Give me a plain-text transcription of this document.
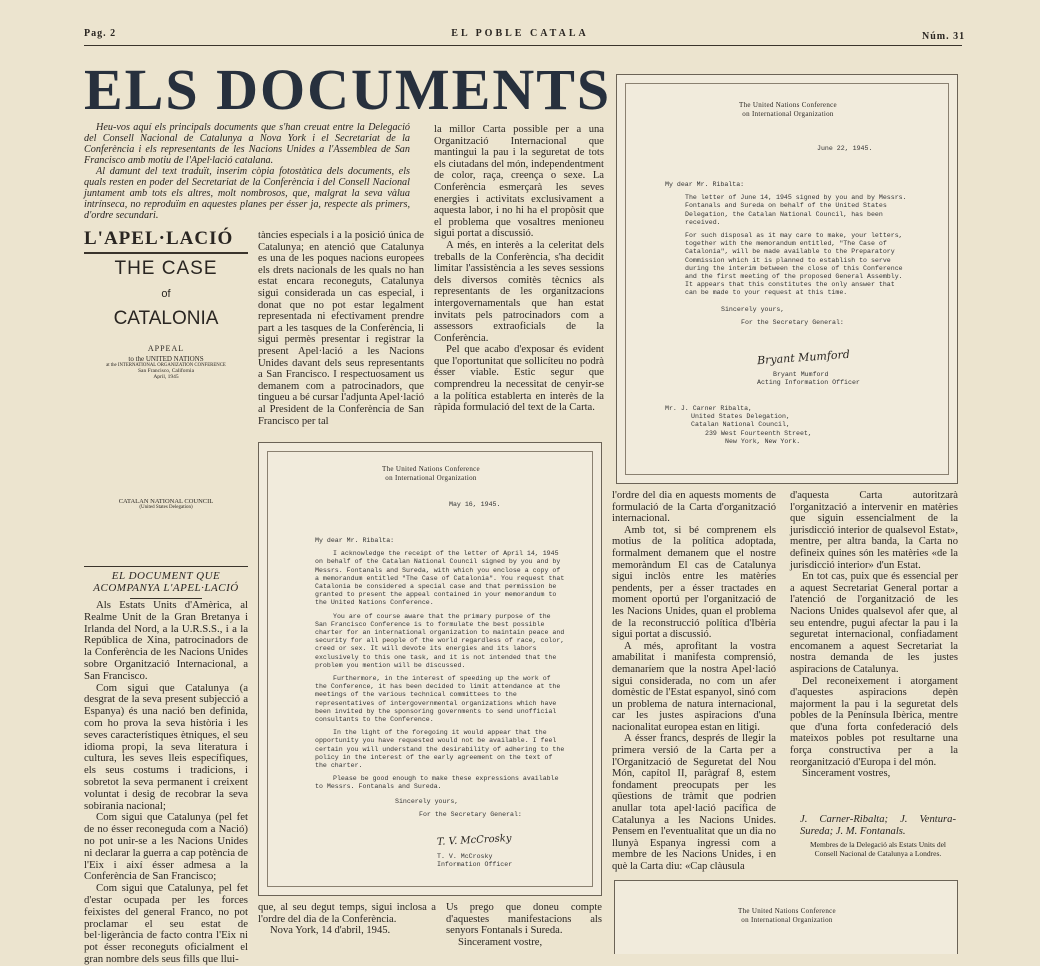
Pag. 2	EL POBLE CATALA	Núm. 31
ELS DOCUMENTS

Heu-vos aquí els principals documents que s'han creuat entre la Delegació del Consell Nacional de Catalunya a Nova York i el Secretariat de la Conferència i els representants de les Nacions Unides a l'Assemblea de San Francisco amb motiu de l'Apel·lació catalana.

Al damunt del text traduït, inserim còpia fotostàtica dels documents, els quals resten en poder del Secretariat de la Conferència i del Consell Nacional juntament amb tots els altres, molt nombrosos, que, malgrat la seva vàlua intrínseca, no reproduïm en aquestes planes per ésser ja, respecte als primers, d'ordre secundari.

L'APEL·LACIÓ
THE CASE
of
CATALONIA
APPEAL
to the UNITED NATIONS
at the INTERNATIONAL ORGANIZATION CONFERENCE
San Francisco, California
April, 1945
CATALAN NATIONAL COUNCIL
(United States Delegation)
EL DOCUMENT QUE ACOMPANYA L'APEL·LACIÓ

Als Estats Units d'Amèrica, al Realme Unit de la Gran Bretanya i Irlanda del Nord, a la U.R.S.S., i a la República de Xina, patrocinadors de la Conferència de les Nacions Unides sobre Organització Internacional, a San Francisco.

Com sigui que Catalunya (a desgrat de la seva present subjecció a Espanya) és una nació ben definida, com ho prova la seva història i les seves característiques ètniques, el seu idioma propi, la seva literatura i cultura, les seves lleis específiques, els seus costums i tradicions, i sobretot la seva permanent i creixent voluntat i desig de recobrar la seva sobirania nacional;

Com sigui que Catalunya (pel fet de no ésser reconeguda com a Nació) no pot unir-se a les Nacions Unides ni declarar la guerra a cap potència de l'Eix i així ésser admesa a la Conferència de San Francisco;

Com sigui que Catalunya, pel fet d'estar ocupada per les forces feixistes del general Franco, no pot proclamar el seu estat de bel·ligerància de facto contra l'Eix ni pot ésser reconeguts oficialment el gran nombre dels seus fills que llui-

tàncies especials i a la posició única de Catalunya; en atenció que Catalunya es una de les poques nacions europees els drets nacionals de les quals no han estat encara reconeguts, Catalunya sigui considerada un cas especial, i donat que no pot estar legalment representada ni efectivament prendre part a les tasques de la Conferència, li sigui permès presentar i registrar la present Apel·lació a les Nacions Unides davant dels seus representants a San Francisco. I respectuosament us demanem com a patrocinadors, que tingueu a bé cursar l'adjunta Apel·lació al President de la Conferència de San Francisco per tal

la millor Carta possible per a una Organització Internacional que mantingui la pau i la seguretat de tots els ciutadans del món, independentment de color, raça, creença o sexe. La Conferència esmerçarà les seves energies i activitats exclusivament a aquesta labor, i no hi ha el propòsit que el problema que vosaltres menioneu sigui portat a discussió.

A més, en interès a la celeritat dels treballs de la Conferència, s'ha decidit limitar l'assistència a les seves sessions dels diversos comitès tècnics als representants de les organitzacions intergovernamentals que han estat invitats pels patrocinadors com a assessors extraoficials de la Conferència.

Pel que acabo d'exposar és evident que l'oportunitat que sollicíteu no podrà ésser viable. Estic segur que comprendreu la necessitat de cenyir-se a la política establerta en interès de la ràpida formulació del text de la Carta.

The United Nations Conference
on International Organization
June 22, 1945.

My dear Mr. Ribalta:

The letter of June 14, 1945 signed by you and by Messrs. Fontanals and Sureda on behalf of the United States Delegation, the Catalan National Council, has been received.

For such disposal as it may care to make, your letters, together with the memorandum entitled, "The Case of Catalonia", will be made available to the Preparatory Commission which it is planned to establish to serve during the interim between the close of this Conference and the first meeting of the proposed General Assembly. It appears that this constitutes the only answer that can be made to your request at this time.

Sincerely yours,

For the Secretary General:

Bryant Mumford
Bryant Mumford
Acting Information Officer
Mr. J. Carner Ribalta,
United States Delegation,
Catalan National Council,
239 West Fourteenth Street,
New York, New York.
The United Nations Conference
on International Organization
May 16, 1945.

My dear Mr. Ribalta:

I acknowledge the receipt of the letter of April 14, 1945 on behalf of the Catalan National Council signed by you and by Messrs. Fontanals and Sureda, with which you enclose a copy of a memorandum entitled "The Case of Catalonia". You request that Catalonia be considered a special case and that permission be granted to present the appeal contained in your memorandum to the United Nations Conference.

You are of course aware that the primary purpose of the San Francisco Conference is to formulate the best possible charter for an international organization to maintain peace and security for all people of the world regardless of race, color, creed or sex. It will devote its energies and its labors exclusively to this one task, and it is not intended that the problem you mention will be discussed.

Furthermore, in the interest of speeding up the work of the Conference, it has been decided to limit attendance at the meetings of the various technical committees to the representatives of intergovernmental organizations which have been invited by the sponsoring governments to send unofficial consultants to the Conference.

In the light of the foregoing it would appear that the opportunity you have requested would not be available. I feel certain you will understand the desirability of adhering to the policy in the interest of the early agreement on the text of the charter.

Please be good enough to make these expressions available to Messrs. Fontanals and Sureda.

Sincerely yours,

For the Secretary General:

T. V. McCrosky
T. V. McCrosky
Information Officer

que, al seu degut temps, sigui inclosa a l'ordre del dia de la Conferència.

Nova York, 14 d'abril, 1945.

Us prego que doneu compte d'aquestes manifestacions als senyors Fontanals i Sureda.

Sincerament vostre,

l'ordre del dia en aquests moments de formulació de la Carta d'organització internacional.

Amb tot, si bé comprenem els motius de la política adoptada, formalment demanem que el nostre memoràndum El cas de Catalunya sigui inclòs entre les matèries pendents, per a ésser tractades en moment oportú per l'organització de les Nacions Unides, quan el problema de la reconstrucció política d'Ibèria sigui portat a discussió.

A més, aprofitant la vostra amabilitat i manifesta comprensió, demanaríem que la nostra Apel·lació sigui considerada, no com un afer domèstic de l'Estat espanyol, sinó com un problema de natura internacional, car les justes aspiracions d'una nacionalitat europea estan en litigi.

A ésser francs, després de llegir la primera versió de la Carta per a l'Organització de Seguretat del Nou Món, capítol II, paràgraf 8, estem fondament preocupats per les qüestions de tràmit que podrien anullar tota apel·lació pacífica de Catalunya a les Nacions Unides. Pensem en l'eventualitat que un dia no llunyà Espanya ingressi com a membre de les Nacions Unides, i en què la Carta diu: «Cap clàusula

d'aquesta Carta autoritzarà l'organització a intervenir en matèries que siguin essencialment de la jurisdicció interior de qualsevol Estat», mentre, per altra banda, la Carta no defineix quines són les matèries «de la jurisdicció interior» d'un Estat.

En tot cas, puix que és essencial per a aquest Secretariat General portar a l'atenció de l'organització de les Nacions Unides qualsevol afer que, al seu entendre, pugui afectar la pau i la seguretat internacional, confiadament encomanem a aquest Secretariat la nostra demanda de les justes aspiracions de Catalunya.

Del reconeixement i atorgament d'aquestes aspiracions depèn majorment la pau i la seguretat dels pobles de la Península Ibèrica, mentre que d'una forta confederació dels mateixos pobles pot resultarne una força constructiva per a la reorganització d'Europa i del món.

Sincerament vostres,

J. Carner-Ribalta; J. Ventura-Sureda; J. M. Fontanals.
Membres de la Delegació als Estats Units del Consell Nacional de Catalunya a Londres.
The United Nations Conference
on International Organization
